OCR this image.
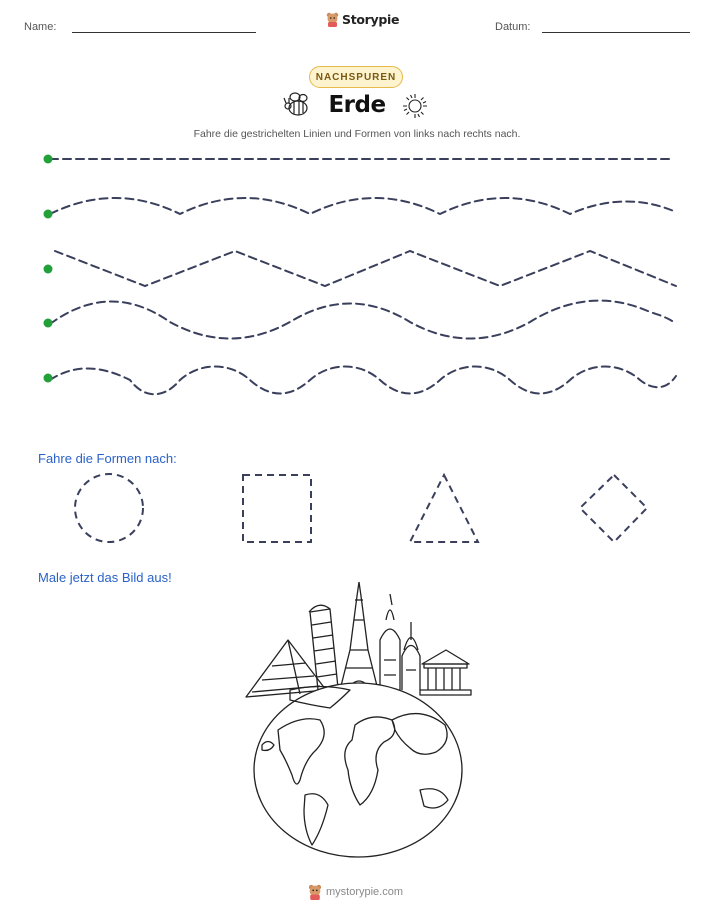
Name:	Storypie	Datum:
NACHSPUREN
Erde
Fahre die gestrichelten Linien und Formen von links nach rechts nach.
Fahre die Formen nach:
Male jetzt das Bild aus!
mystorypie.com
